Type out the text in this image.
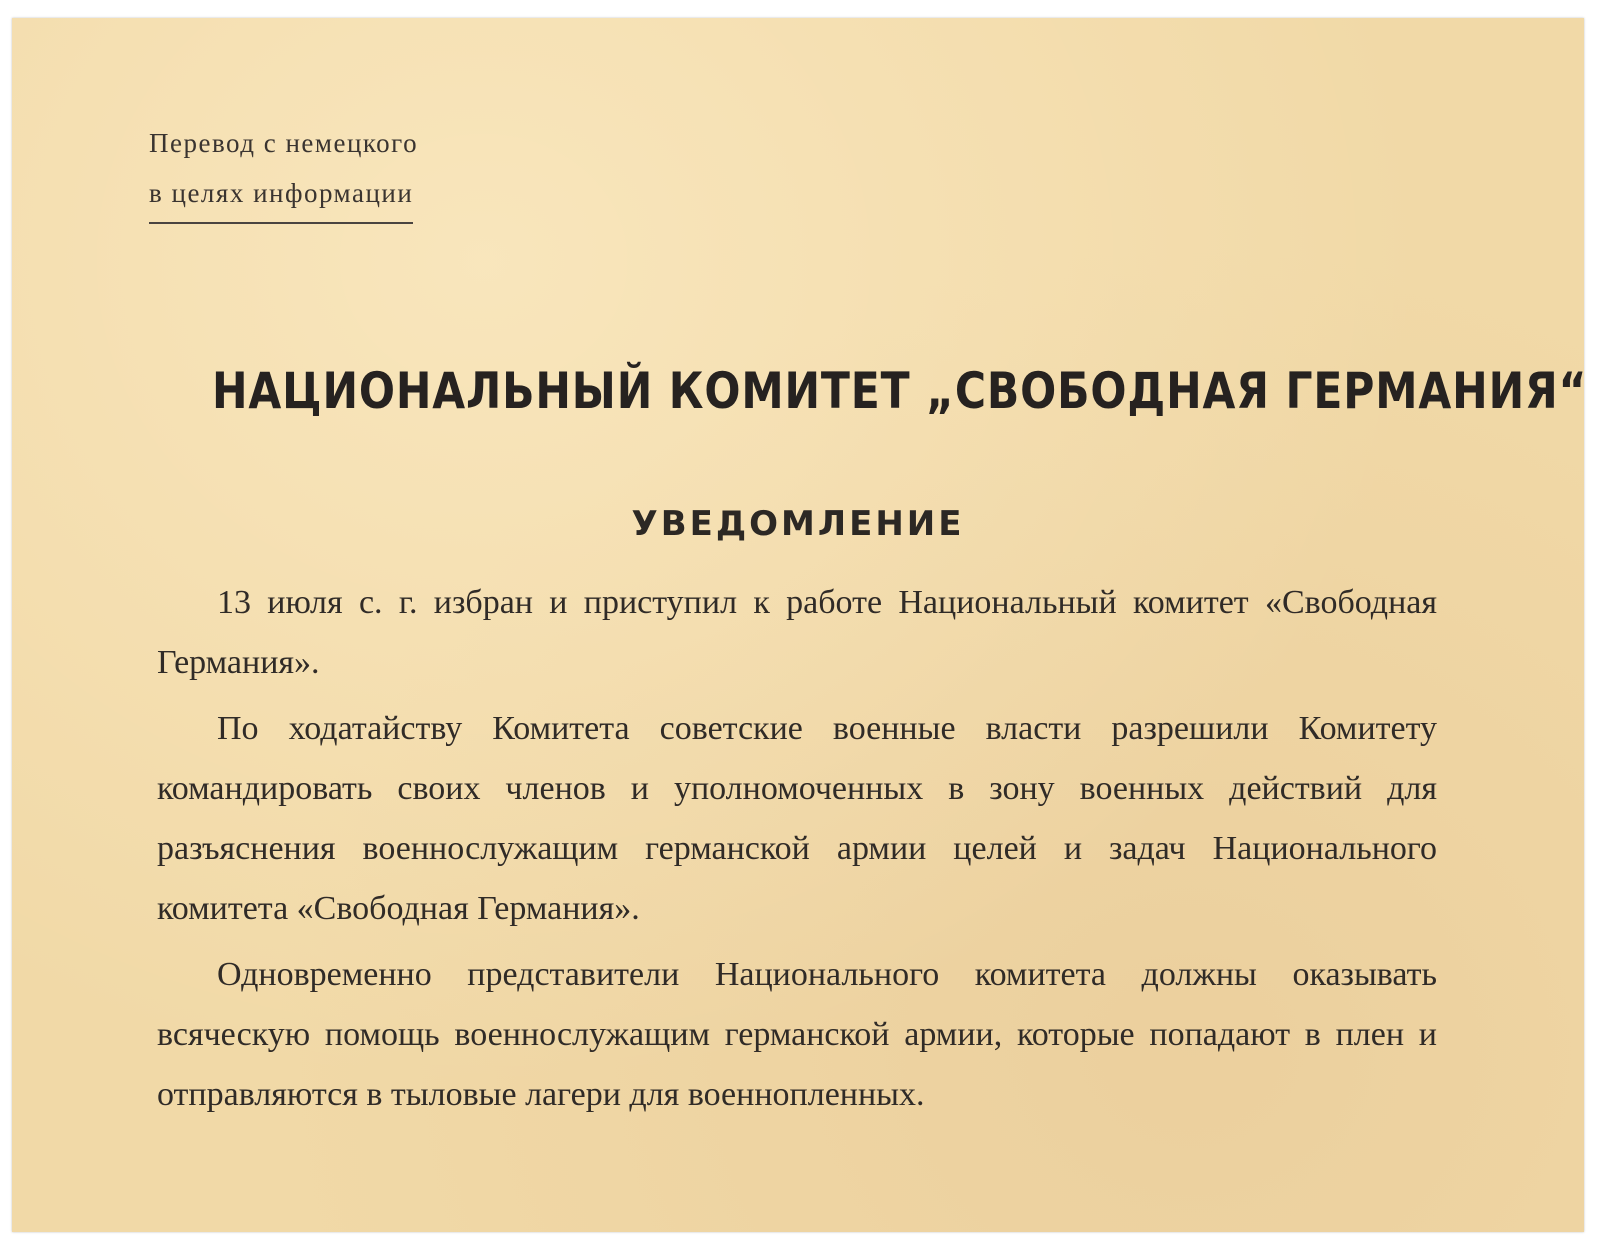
Перевод с немецкого
в целях информации
НАЦИОНАЛЬНЫЙ КОМИТЕТ „СВОБОДНАЯ ГЕРМАНИЯ“
УВЕДОМЛЕНИЕ

13 июля с. г. избран и приступил к работе Национальный комитет «Свободная Германия».

По ходатайству Комитета советские военные власти разрешили Комитету командировать своих членов и уполномоченных в зону военных действий для разъяснения военнослужащим германской армии целей и задач Национального комитета «Свободная Германия».

Одновременно представители Национального комитета должны оказывать всяческую помощь военнослужащим германской армии, которые попадают в плен и отправляются в тыловые лагери для военнопленных.
